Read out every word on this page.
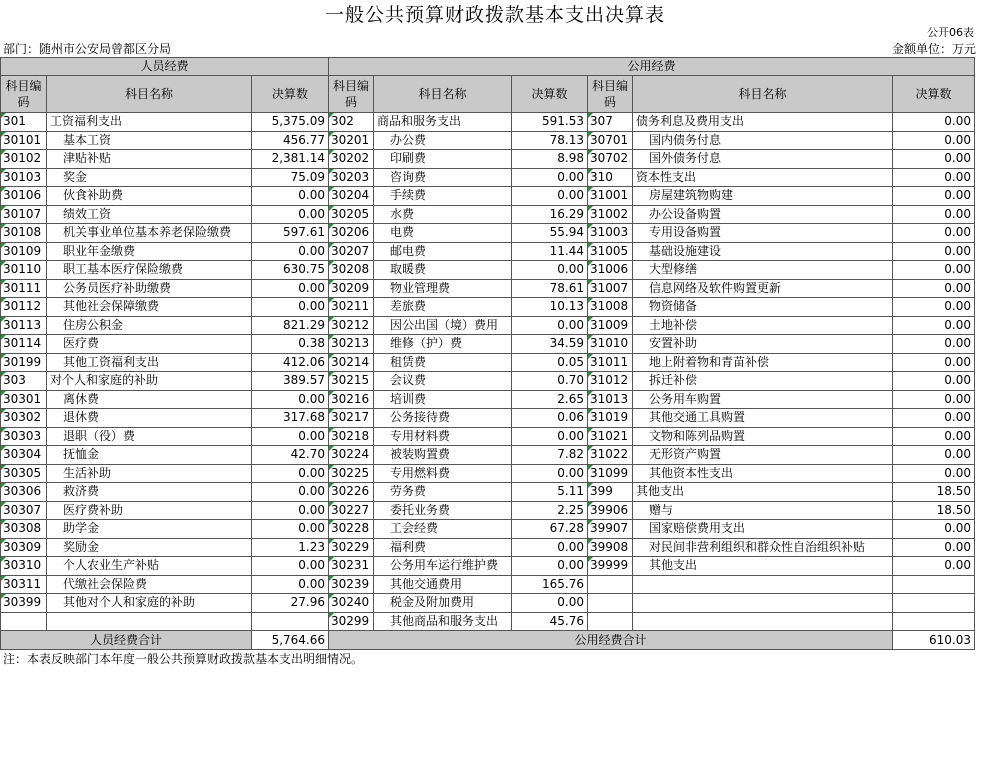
一般公共预算财政拨款基本支出决算表
公开06表
部门：随州市公安局曾都区分局	金额单位：万元
人员经费			公用经费					
科目编码	科目名称	决算数	科目编码	科目名称	决算数	科目编码	科目名称	决算数
301	工资福利支出	5,375.09	302	商品和服务支出	591.53	307	债务利息及费用支出	0.00
30101	基本工资	456.77	30201	办公费	78.13	30701	国内债务付息	0.00
30102	津贴补贴	2,381.14	30202	印刷费	8.98	30702	国外债务付息	0.00
30103	奖金	75.09	30203	咨询费	0.00	310	资本性支出	0.00
30106	伙食补助费	0.00	30204	手续费	0.00	31001	房屋建筑物购建	0.00
30107	绩效工资	0.00	30205	水费	16.29	31002	办公设备购置	0.00
30108	机关事业单位基本养老保险缴费	597.61	30206	电费	55.94	31003	专用设备购置	0.00
30109	职业年金缴费	0.00	30207	邮电费	11.44	31005	基础设施建设	0.00
30110	职工基本医疗保险缴费	630.75	30208	取暖费	0.00	31006	大型修缮	0.00
30111	公务员医疗补助缴费	0.00	30209	物业管理费	78.61	31007	信息网络及软件购置更新	0.00
30112	其他社会保障缴费	0.00	30211	差旅费	10.13	31008	物资储备	0.00
30113	住房公积金	821.29	30212	因公出国（境）费用	0.00	31009	土地补偿	0.00
30114	医疗费	0.38	30213	维修（护）费	34.59	31010	安置补助	0.00
30199	其他工资福利支出	412.06	30214	租赁费	0.05	31011	地上附着物和青苗补偿	0.00
303	对个人和家庭的补助	389.57	30215	会议费	0.70	31012	拆迁补偿	0.00
30301	离休费	0.00	30216	培训费	2.65	31013	公务用车购置	0.00
30302	退休费	317.68	30217	公务接待费	0.06	31019	其他交通工具购置	0.00
30303	退职（役）费	0.00	30218	专用材料费	0.00	31021	文物和陈列品购置	0.00
30304	抚恤金	42.70	30224	被装购置费	7.82	31022	无形资产购置	0.00
30305	生活补助	0.00	30225	专用燃料费	0.00	31099	其他资本性支出	0.00
30306	救济费	0.00	30226	劳务费	5.11	399	其他支出	18.50
30307	医疗费补助	0.00	30227	委托业务费	2.25	39906	赠与	18.50
30308	助学金	0.00	30228	工会经费	67.28	39907	国家赔偿费用支出	0.00
30309	奖励金	1.23	30229	福利费	0.00	39908	对民间非营利组织和群众性自治组织补贴	0.00
30310	个人农业生产补贴	0.00	30231	公务用车运行维护费	0.00	39999	其他支出	0.00
30311	代缴社会保险费	0.00	30239	其他交通费用	165.76			
30399	其他对个人和家庭的补助	27.96	30240	税金及附加费用	0.00			
			30299	其他商品和服务支出	45.76			
人员经费合计		5,764.66	公用经费合计					610.03
注：本表反映部门本年度一般公共预算财政拨款基本支出明细情况。
